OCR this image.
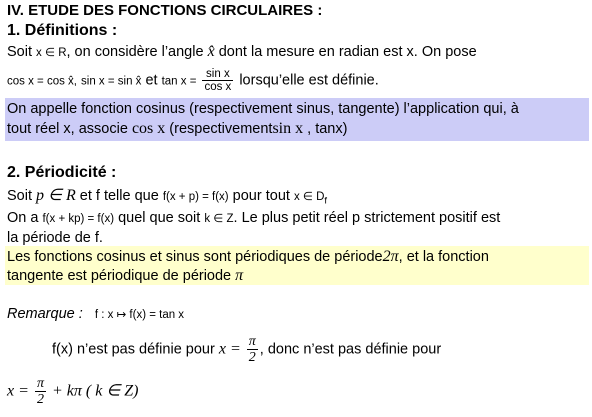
IV. ETUDE DES FONCTIONS CIRCULAIRES :
1. Définitions :
Soit x ∈ R, on considère l’angle x̂ dont la mesure en radian est x. On pose
cos x = cos x̂, sin x = sin x̂ et $\tan x = \frac{\text{sin x}}{\text{cos x}}$ lorsqu’elle est définie.
On appelle fonction cosinus (respectivement sinus, tangente) l’application qui, à
tout réel x, associe cos x (respectivementsin x , tanx)
2. Périodicité :
Soit p ∈ R et f telle que f(x + p) = f(x) pour tout x ∈ $D_f$
On a f(x + kp) = f(x) quel que soit k ∈ Z. Le plus petit réel p strictement positif est
la période de f.
Les fonctions cosinus et sinus sont périodiques de période2π, et la fonction
tangente est périodique de période π
Remarque : f : x ↦ f(x) = tan x
f(x) n’est pas définie pour $x = \frac{\pi}{2}$ , donc n’est pas définie pour
$x = \frac{\pi}{2} + k\pi$ ( k ∈ Z)
